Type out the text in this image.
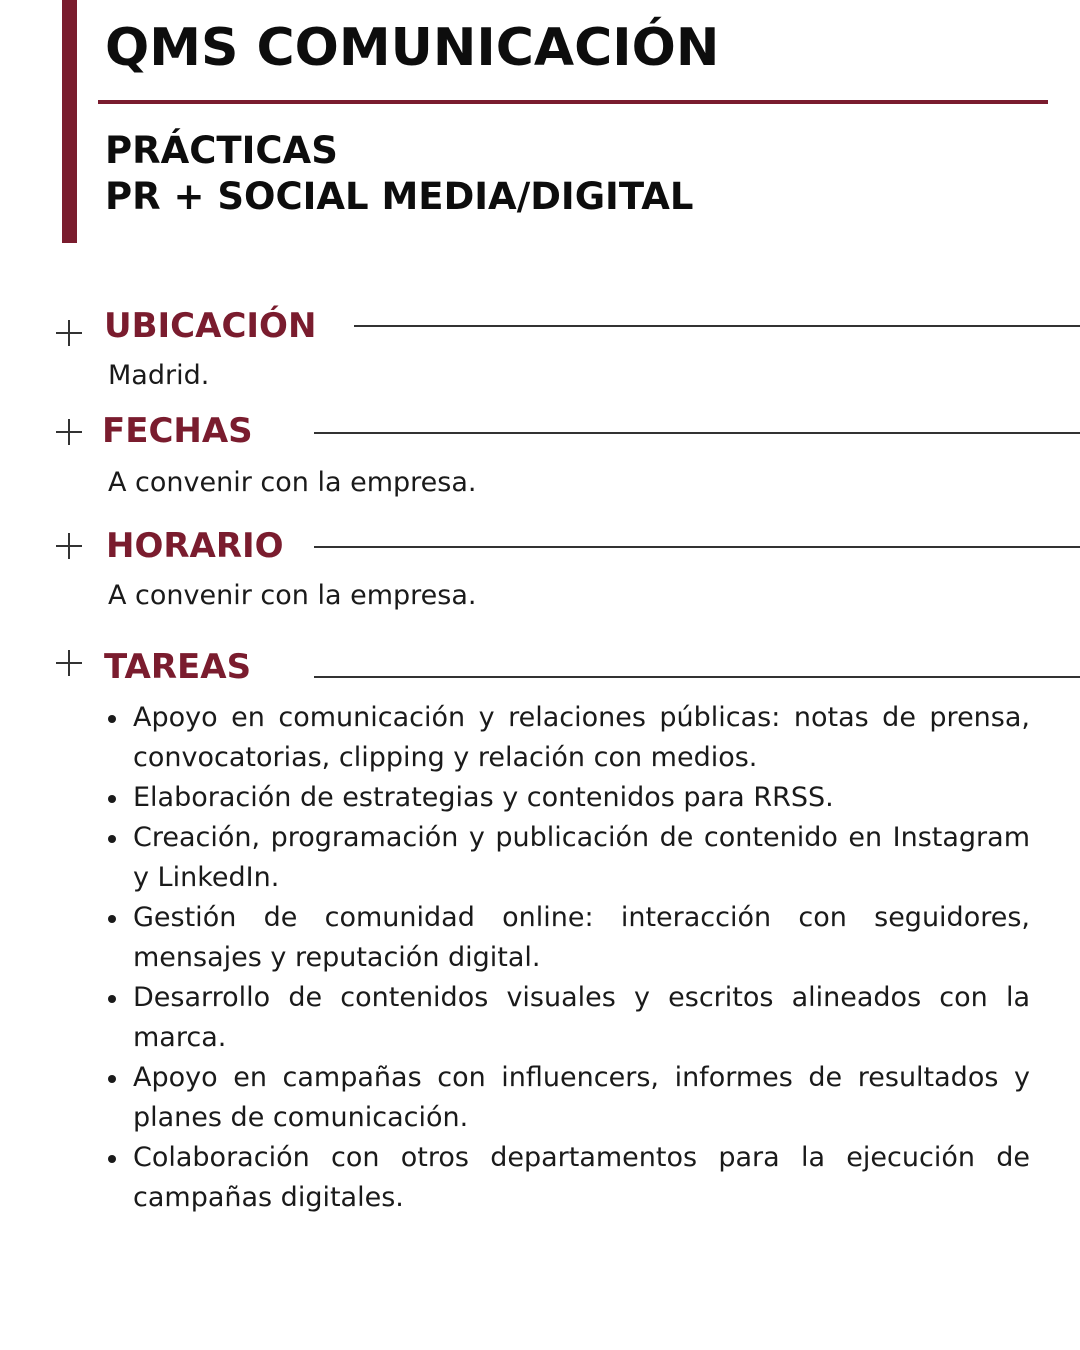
QMS COMUNICACIÓN
PRÁCTICAS
PR + SOCIAL MEDIA/DIGITAL
UBICACIÓN
Madrid.
FECHAS
A convenir con la empresa.
HORARIO
A convenir con la empresa.
TAREAS
Apoyo en comunicación y relaciones públicas: notas de prensa, convocatorias, clipping y relación con medios.
Elaboración de estrategias y contenidos para RRSS.
Creación, programación y publicación de contenido en Instagram y LinkedIn.
Gestión de comunidad online: interacción con seguidores, mensajes y reputación digital.
Desarrollo de contenidos visuales y escritos alineados con la marca.
Apoyo en campañas con influencers, informes de resultados y planes de comunicación.
Colaboración con otros departamentos para la ejecución de campañas digitales.
